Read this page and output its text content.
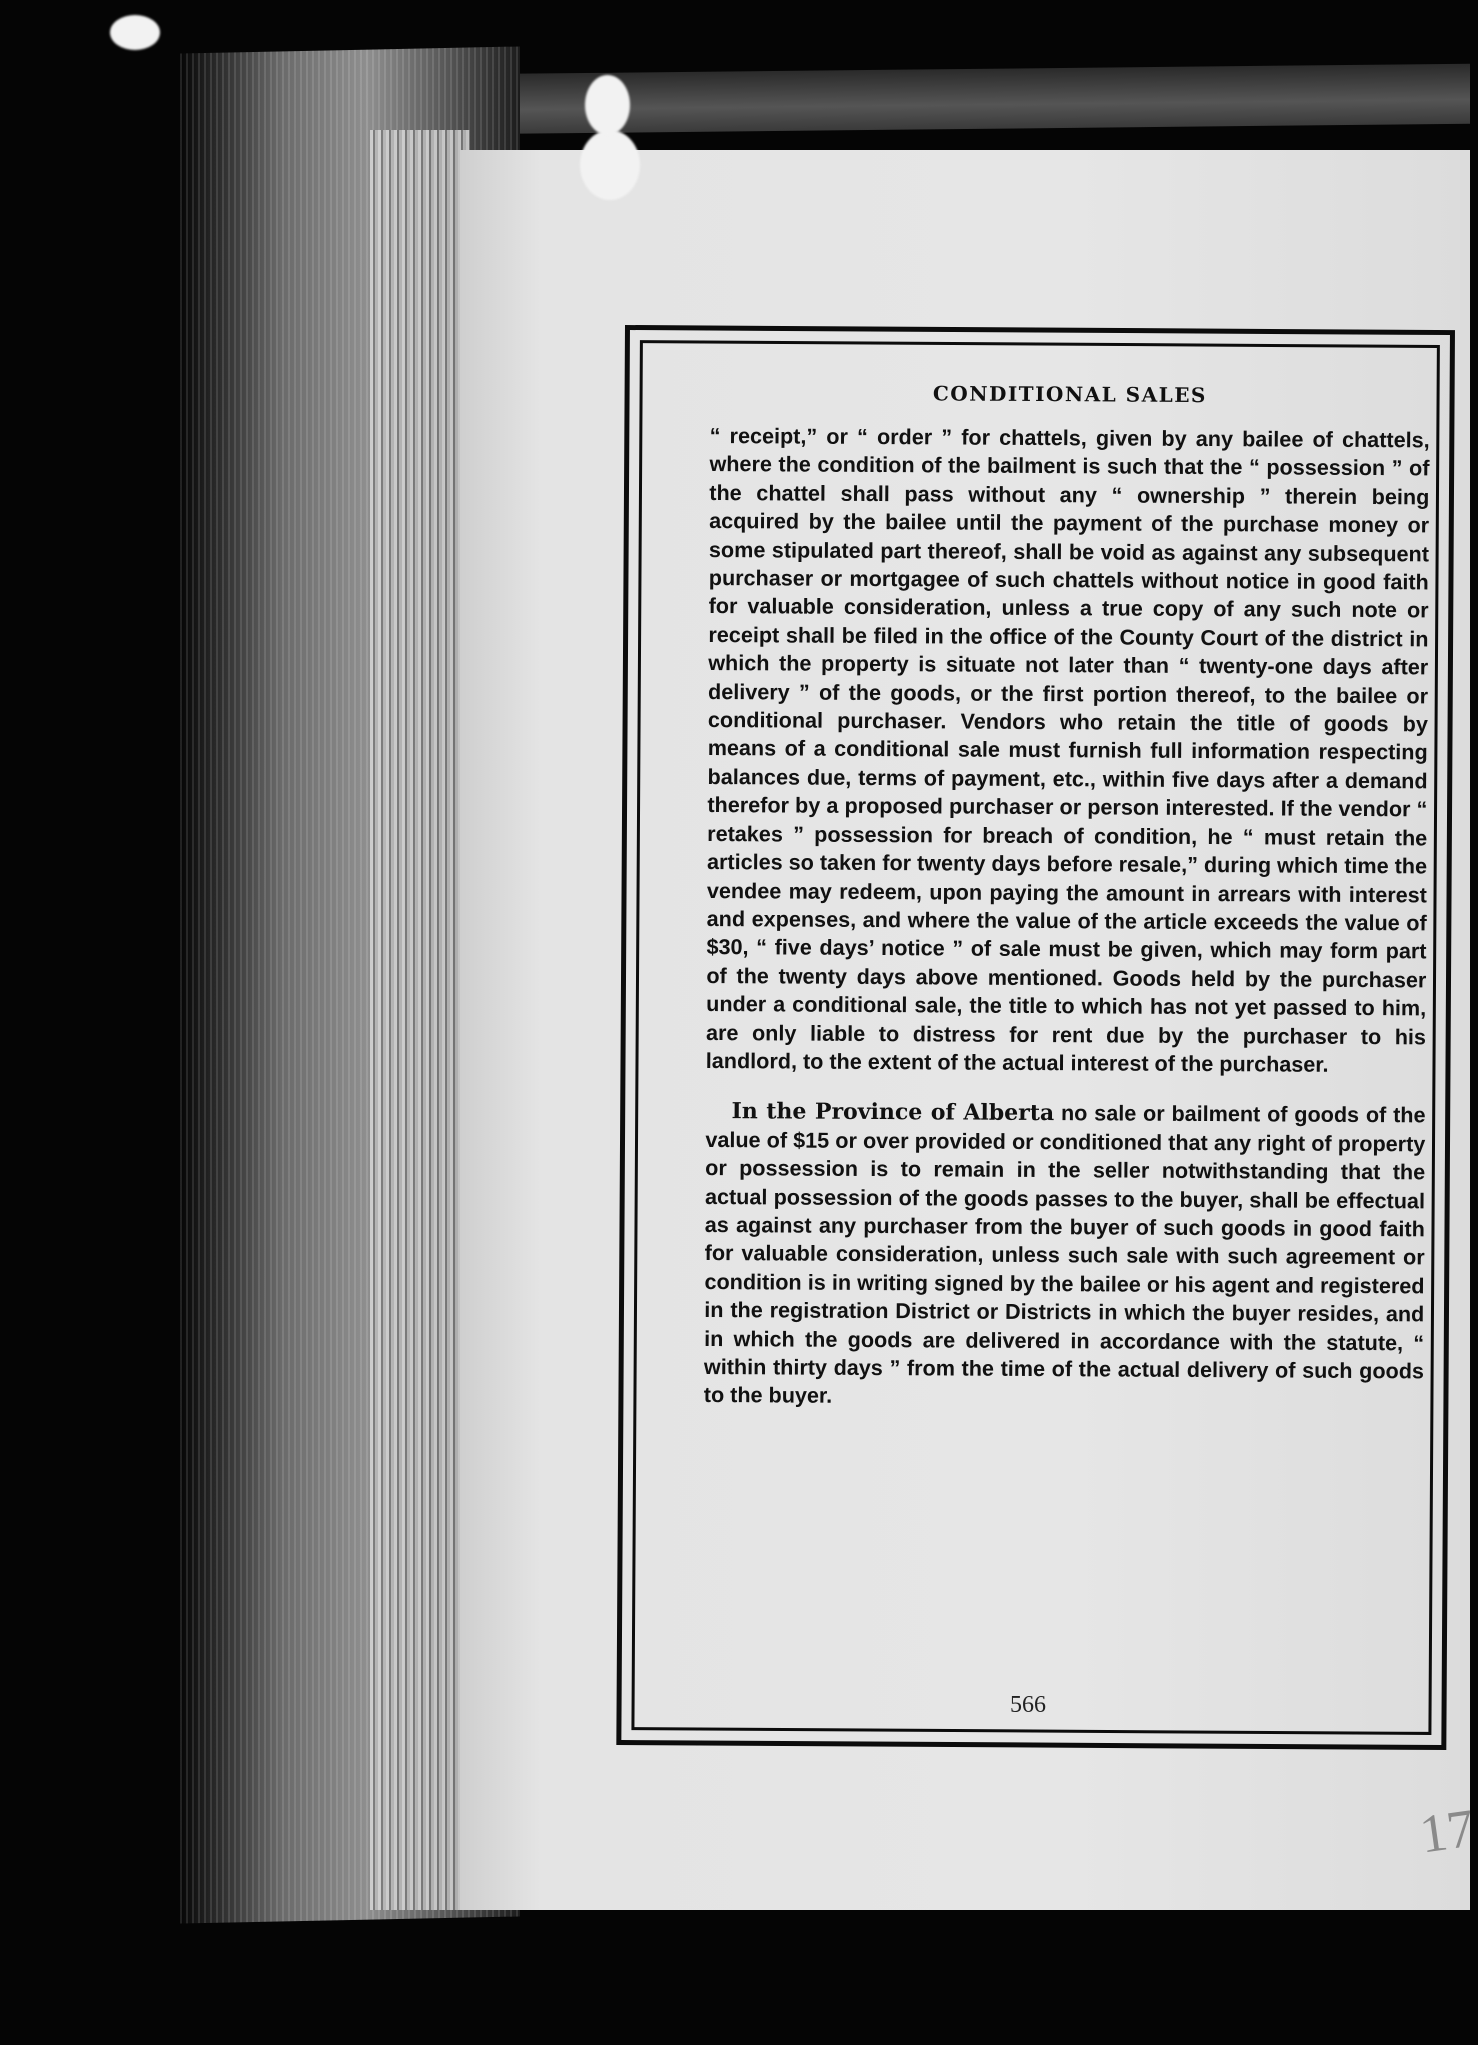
CONDITIONAL SALES

“ receipt,” or “ order ” for chattels, given by any bailee of chattels, where the condition of the bailment is such that the “ possession ” of the chattel shall pass without any “ ownership ” therein being acquired by the bailee until the payment of the purchase money or some stipulated part thereof, shall be void as against any subsequent purchaser or mortgagee of such chattels without notice in good faith for valuable consideration, unless a true copy of any such note or receipt shall be filed in the office of the County Court of the district in which the property is situate not later than “ twenty-one days after delivery ” of the goods, or the first portion thereof, to the bailee or conditional purchaser. Vendors who retain the title of goods by means of a conditional sale must furnish full information respecting balances due, terms of payment, etc., within five days after a demand therefor by a proposed purchaser or person interested. If the vendor “ retakes ” possession for breach of condition, he “ must retain the articles so taken for twenty days before resale,” during which time the vendee may redeem, upon paying the amount in arrears with interest and expenses, and where the value of the article exceeds the value of $30, “ five days’ notice ” of sale must be given, which may form part of the twenty days above mentioned. Goods held by the purchaser under a conditional sale, the title to which has not yet passed to him, are only liable to distress for rent due by the purchaser to his landlord, to the extent of the actual interest of the purchaser.

In the Province of Alberta no sale or bailment of goods of the value of $15 or over provided or conditioned that any right of property or possession is to remain in the seller notwithstanding that the actual possession of the goods passes to the buyer, shall be effectual as against any purchaser from the buyer of such goods in good faith for valuable consideration, unless such sale with such agreement or condition is in writing signed by the bailee or his agent and registered in the registration District or Districts in which the buyer resides, and in which the goods are delivered in accordance with the statute, “ within thirty days ” from the time of the actual delivery of such goods to the buyer.

566
17
